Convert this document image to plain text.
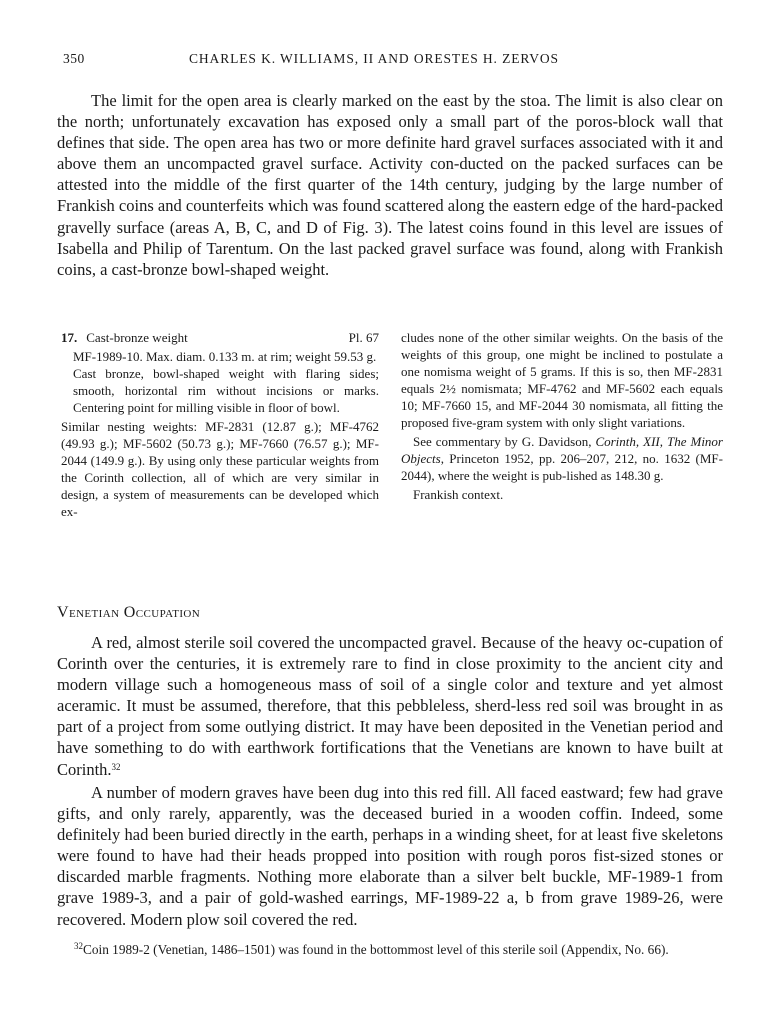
350	CHARLES K. WILLIAMS, II AND ORESTES H. ZERVOS

The limit for the open area is clearly marked on the east by the stoa. The limit is also clear on the north; unfortunately excavation has exposed only a small part of the poros-block wall that defines that side. The open area has two or more definite hard gravel surfaces associated with it and above them an uncompacted gravel surface. Activity con-ducted on the packed surfaces can be attested into the middle of the first quarter of the 14th century, judging by the large number of Frankish coins and counterfeits which was found scattered along the eastern edge of the hard-packed gravelly surface (areas A, B, C, and D of Fig. 3). The latest coins found in this level are issues of Isabella and Philip of Tarentum. On the last packed gravel surface was found, along with Frankish coins, a cast-bronze bowl-shaped weight.

17. Cast-bronze weight	Pl. 67

MF-1989-10. Max. diam. 0.133 m. at rim; weight 59.53 g.

Cast bronze, bowl-shaped weight with flaring sides; smooth, horizontal rim without incisions or marks. Centering point for milling visible in floor of bowl.

Similar nesting weights: MF-2831 (12.87 g.); MF-4762 (49.93 g.); MF-5602 (50.73 g.); MF-7660 (76.57 g.); MF-2044 (149.9 g.). By using only these particular weights from the Corinth collection, all of which are very similar in design, a system of measurements can be developed which ex-

cludes none of the other similar weights. On the basis of the weights of this group, one might be inclined to postulate a one nomisma weight of 5 grams. If this is so, then MF-2831 equals 2½ nomismata; MF-4762 and MF-5602 each equals 10; MF-7660 15, and MF-2044 30 nomismata, all fitting the proposed five-gram system with only slight variations.

See commentary by G. Davidson, Corinth, XII, The Minor Objects, Princeton 1952, pp. 206–207, 212, no. 1632 (MF-2044), where the weight is pub-lished as 148.30 g.

Frankish context.

Venetian Occupation

A red, almost sterile soil covered the uncompacted gravel. Because of the heavy oc-cupation of Corinth over the centuries, it is extremely rare to find in close proximity to the ancient city and modern village such a homogeneous mass of soil of a single color and texture and yet almost aceramic. It must be assumed, therefore, that this pebbleless, sherd-less red soil was brought in as part of a project from some outlying district. It may have been deposited in the Venetian period and have something to do with earthwork fortifications that the Venetians are known to have built at Corinth.$^{32}$

A number of modern graves have been dug into this red fill. All faced eastward; few had grave gifts, and only rarely, apparently, was the deceased buried in a wooden coffin. Indeed, some definitely had been buried directly in the earth, perhaps in a winding sheet, for at least five skeletons were found to have had their heads propped into position with rough poros fist-sized stones or discarded marble fragments. Nothing more elaborate than a silver belt buckle, MF-1989-1 from grave 1989-3, and a pair of gold-washed earrings, MF-1989-22 a, b from grave 1989-26, were recovered. Modern plow soil covered the red.

$^{32}$Coin 1989-2 (Venetian, 1486–1501) was found in the bottommost level of this sterile soil (Appendix, No. 66).
